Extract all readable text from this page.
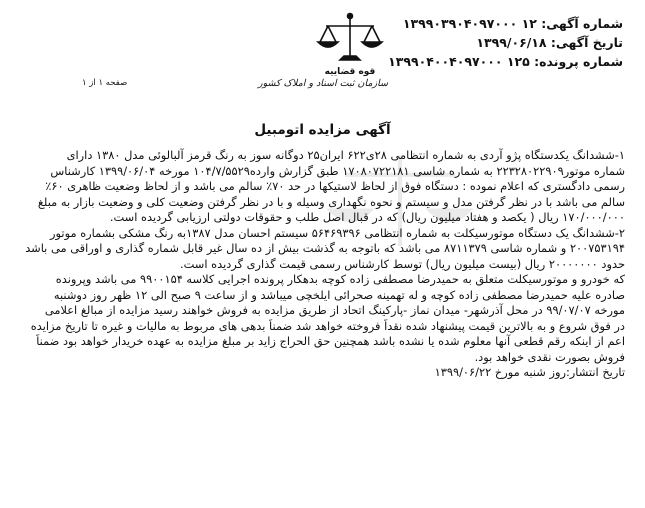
شماره آگهی: ۱۲ ۱۳۹۹۰۳۹۰۴۰۹۷۰۰۰
تاریخ آگهی: ۱۳۹۹/۰۶/۱۸
شماره پرونده: ۱۲۵ ۱۳۹۹۰۴۰۰۴۰۹۷۰۰۰
قوه قضاییه
سازمان ثبت اسناد و املاک کشور
صفحه ۱ از ۱
آگهی مزایده اتومبیل

۱-ششدانگ یکدستگاه پژو آردی به شماره انتظامی ۲۸ی۶۲۲ ایران۲۵ دوگانه سوز به رنگ قرمز آلبالوئی مدل ۱۳۸۰ دارای

شماره موتور۲۲۳۲۸۰۲۲۹۰۹ به شماره شاسی ۱۷۰۸۰۷۲۲۱۸۱ طبق گزارش وارده۱۰۴/۷/۵۵۲۹ مورخه ۱۳۹۹/۰۶/۰۴ کارشناس

رسمی دادگستری که اعلام نموده : دستگاه فوق از لحاظ لاستیکها در حد ۷۰٪ سالم می باشد و از لحاظ وضعیت ظاهری ۶۰٪

سالم می باشد با در نظر گرفتن مدل و سیستم و نحوه نگهداری وسیله و با در نظر گرفتن وضعیت کلی و وضعیت بازار به مبلغ

۱۷۰/۰۰۰/۰۰۰ ریال ( یکصد و هفتاد میلیون ریال) که در قبال اصل طلب و حقوقات دولتی ارزیابی گردیده است.

۲-ششدانگ یک دستگاه موتورسیکلت به شماره انتظامی ۵۶۴۶۹۳۹۶ سیستم احسان مدل ۱۳۸۷به رنگ مشکی بشماره موتور

۲۰۰۷۵۳۱۹۴ و شماره شاسی ۸۷۱۱۳۷۹ می باشد که باتوجه به گذشت بیش از ده سال غیر قابل شماره گذاری و اوراقی می باشد

حدود ۲۰۰۰۰۰۰۰ ریال (بیست میلیون ریال) توسط کارشناس رسمی قیمت گذاری گردیده است.

که خودرو و موتورسیکلت متعلق به حمیدرضا مصطفی زاده کوچه بدهکار پرونده اجرایی کلاسه ۹۹۰۰۱۵۴ می باشد وپرونده

صادره علیه حمیدرضا مصطفی زاده کوچه و له تهمینه صحرائی ایلخچی میباشد و از ساعت ۹ صبح الی ۱۲ ظهر روز دوشنبه

مورخه ۹۹/۰۷/۰۷ در محل آذرشهر- میدان نماز -پارکینگ اتحاد از طریق مزایده به فروش خواهند رسید مزایده از مبالغ اعلامی

در فوق شروع و به بالاترین قیمت پیشنهاد شده نقداً فروخته خواهد شد ضمناً بدهی های مربوط به مالیات و غیره تا تاریخ مزایده

اعم از اینکه رقم قطعی آنها معلوم شده یا نشده باشد همچنین حق الحراج زاید بر مبلغ مزایده به عهده خریدار خواهد بود ضمناً

فروش بصورت نقدی خواهد بود.

تاریخ انتشار:روز شنبه مورخ ۱۳۹۹/۰۶/۲۲
